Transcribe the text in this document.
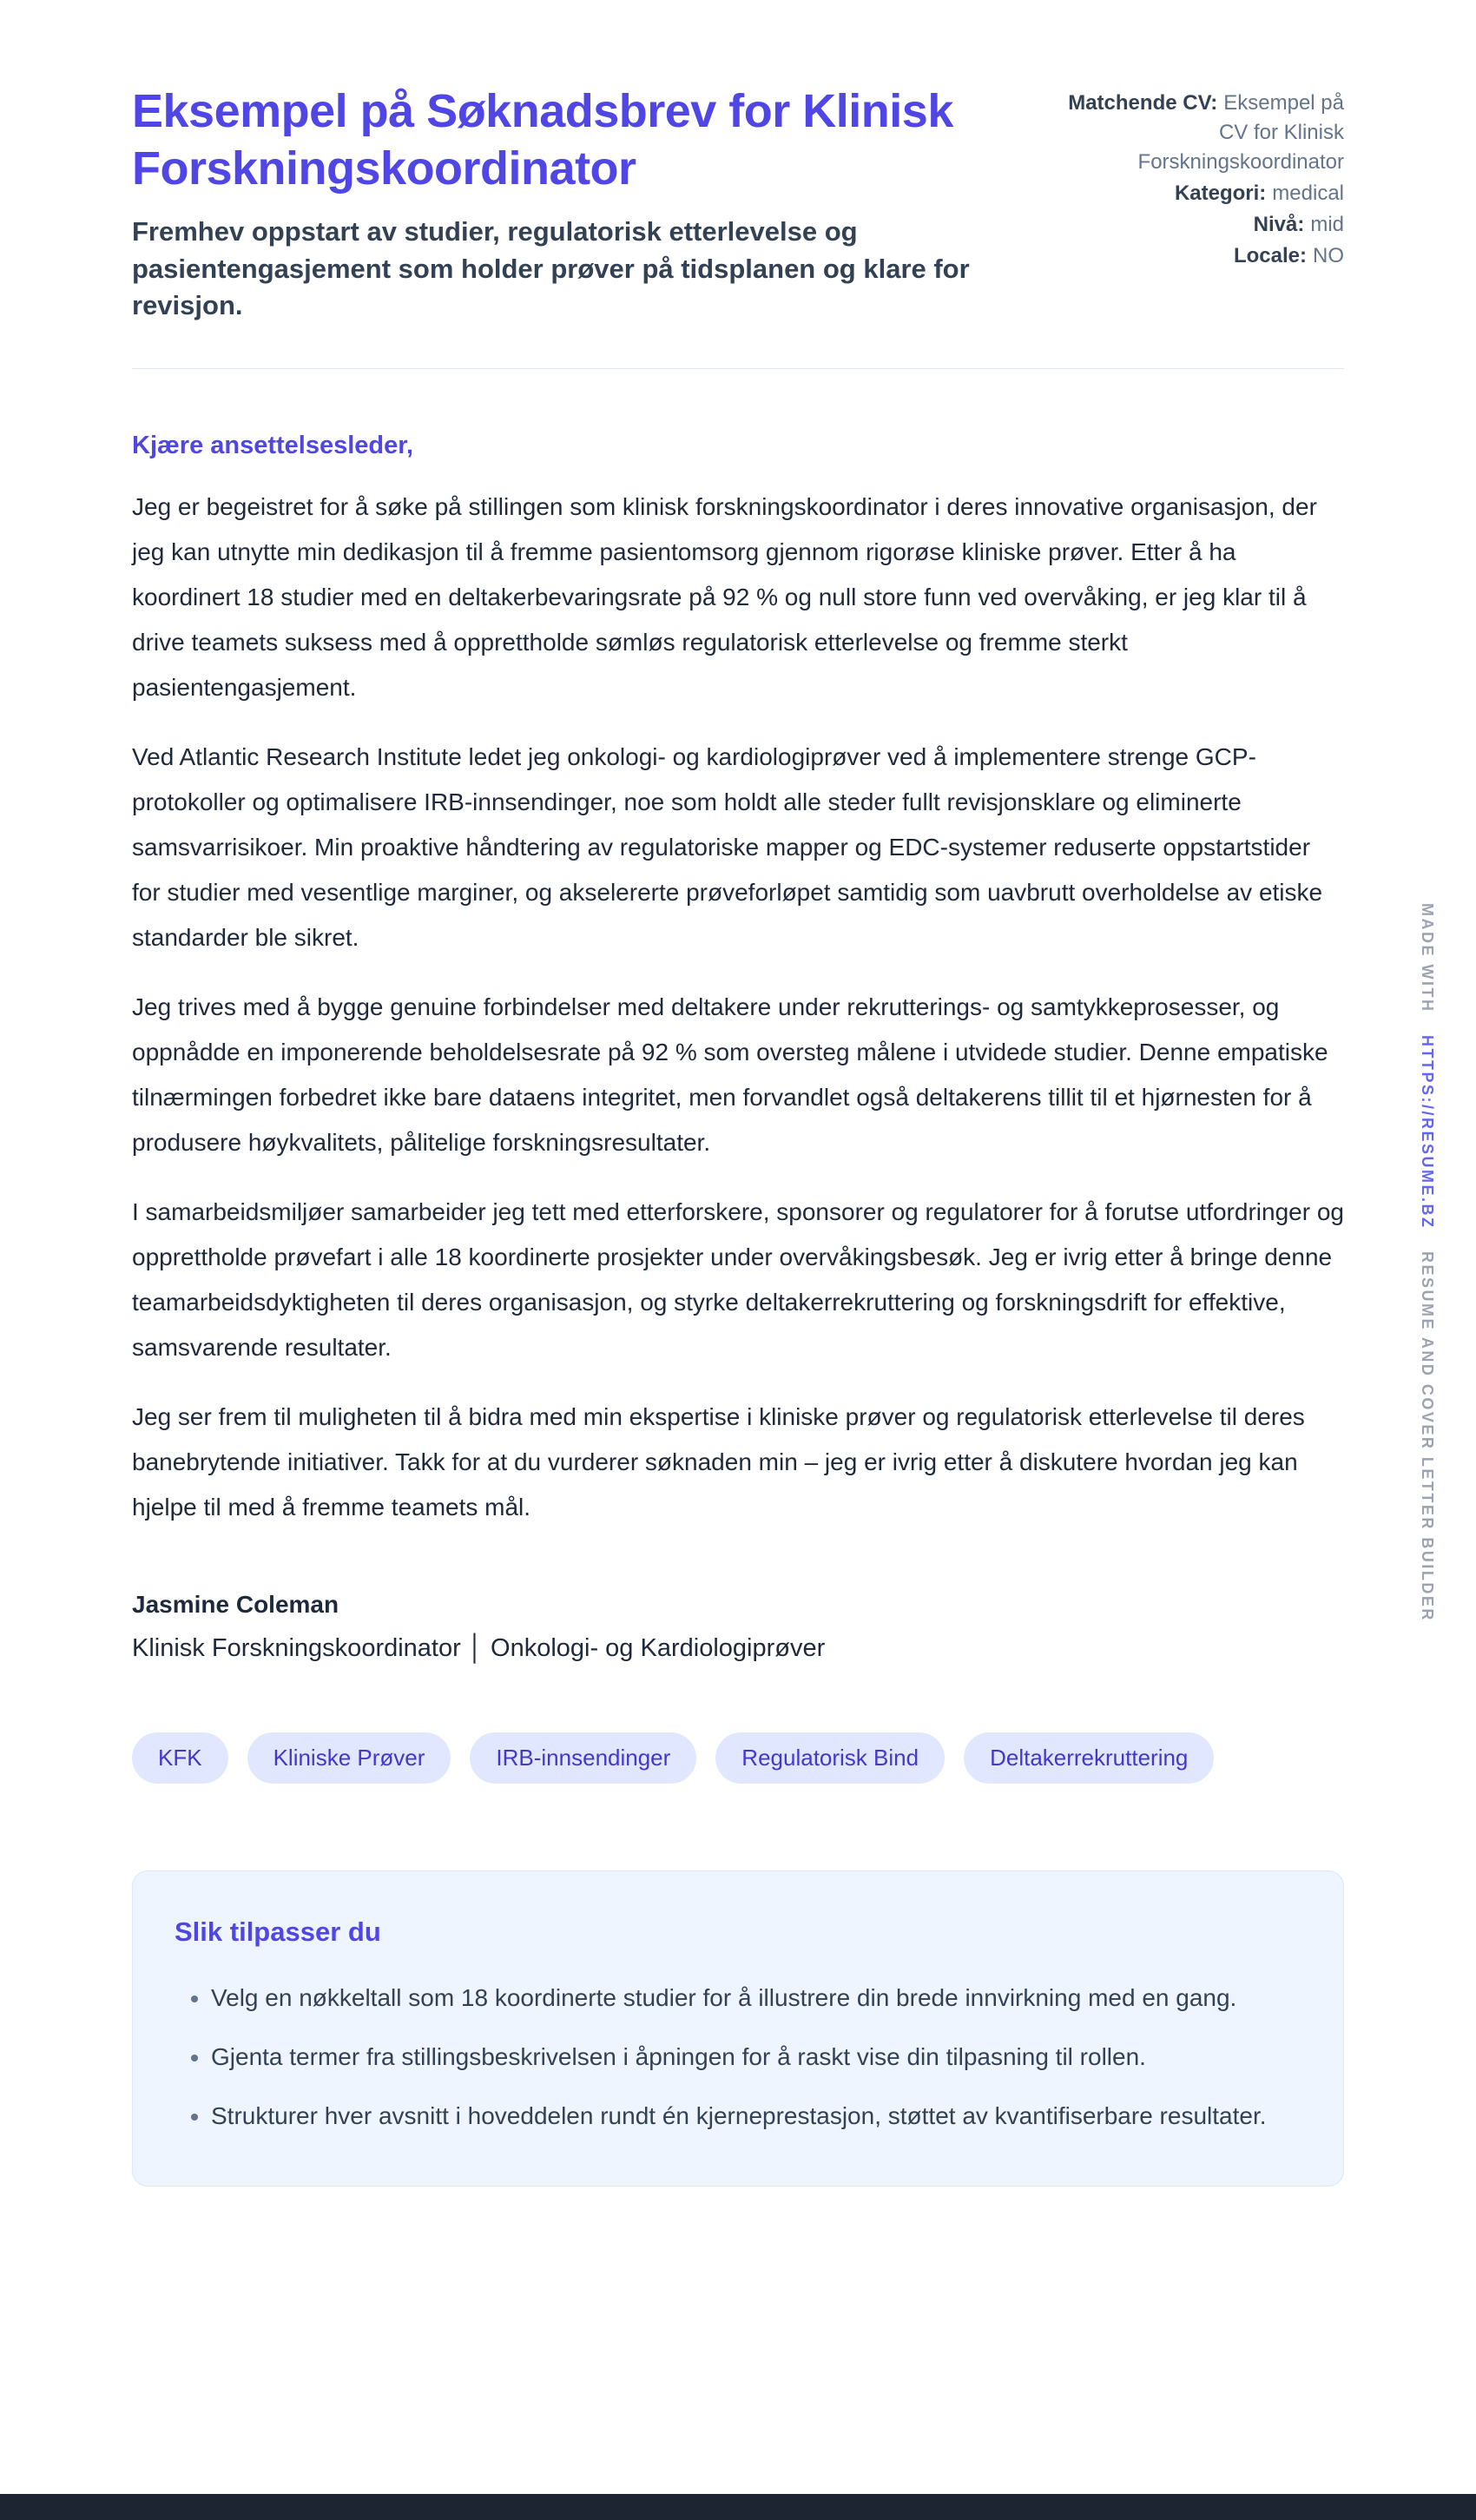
Eksempel på Søknadsbrev for Klinisk Forskningskoordinator

Fremhev oppstart av studier, regulatorisk etterlevelse og pasientengasjement som holder prøver på tidsplanen og klare for revisjon.

Matchende CV: Eksempel på CV for Klinisk Forskningskoordinator
Kategori: medical
Nivå: mid
Locale: NO

Kjære ansettelsesleder,

Jeg er begeistret for å søke på stillingen som klinisk forskningskoordinator i deres innovative organisasjon, der jeg kan utnytte min dedikasjon til å fremme pasientomsorg gjennom rigorøse kliniske prøver. Etter å ha koordinert 18 studier med en deltakerbevaringsrate på 92 % og null store funn ved overvåking, er jeg klar til å drive teamets suksess med å opprettholde sømløs regulatorisk etterlevelse og fremme sterkt pasientengasjement.

Ved Atlantic Research Institute ledet jeg onkologi- og kardiologiprøver ved å implementere strenge GCP-protokoller og optimalisere IRB-innsendinger, noe som holdt alle steder fullt revisjonsklare og eliminerte samsvarrisikoer. Min proaktive håndtering av regulatoriske mapper og EDC-systemer reduserte oppstartstider for studier med vesentlige marginer, og akselererte prøveforløpet samtidig som uavbrutt overholdelse av etiske standarder ble sikret.

Jeg trives med å bygge genuine forbindelser med deltakere under rekrutterings- og samtykkeprosesser, og oppnådde en imponerende beholdelsesrate på 92 % som oversteg målene i utvidede studier. Denne empatiske tilnærmingen forbedret ikke bare dataens integritet, men forvandlet også deltakerens tillit til et hjørnesten for å produsere høykvalitets, pålitelige forskningsresultater.

I samarbeidsmiljøer samarbeider jeg tett med etterforskere, sponsorer og regulatorer for å forutse utfordringer og opprettholde prøvefart i alle 18 koordinerte prosjekter under overvåkingsbesøk. Jeg er ivrig etter å bringe denne teamarbeidsdyktigheten til deres organisasjon, og styrke deltakerrekruttering og forskningsdrift for effektive, samsvarende resultater.

Jeg ser frem til muligheten til å bidra med min ekspertise i kliniske prøver og regulatorisk etterlevelse til deres banebrytende initiativer. Takk for at du vurderer søknaden min – jeg er ivrig etter å diskutere hvordan jeg kan hjelpe til med å fremme teamets mål.

Jasmine Coleman

Klinisk Forskningskoordinator │ Onkologi- og Kardiologiprøver

KFK	Kliniske Prøver	IRB-innsendinger	Regulatorisk Bind	Deltakerrekruttering
Slik tilpasser du
• Velg en nøkkeltall som 18 koordinerte studier for å illustrere din brede innvirkning med en gang.
• Gjenta termer fra stillingsbeskrivelsen i åpningen for å raskt vise din tilpasning til rollen.
• Strukturer hver avsnitt i hoveddelen rundt én kjerneprestasjon, støttet av kvantifiserbare resultater.
MADE WITH HTTPS://RESUME.BZ RESUME AND COVER LETTER BUILDER
